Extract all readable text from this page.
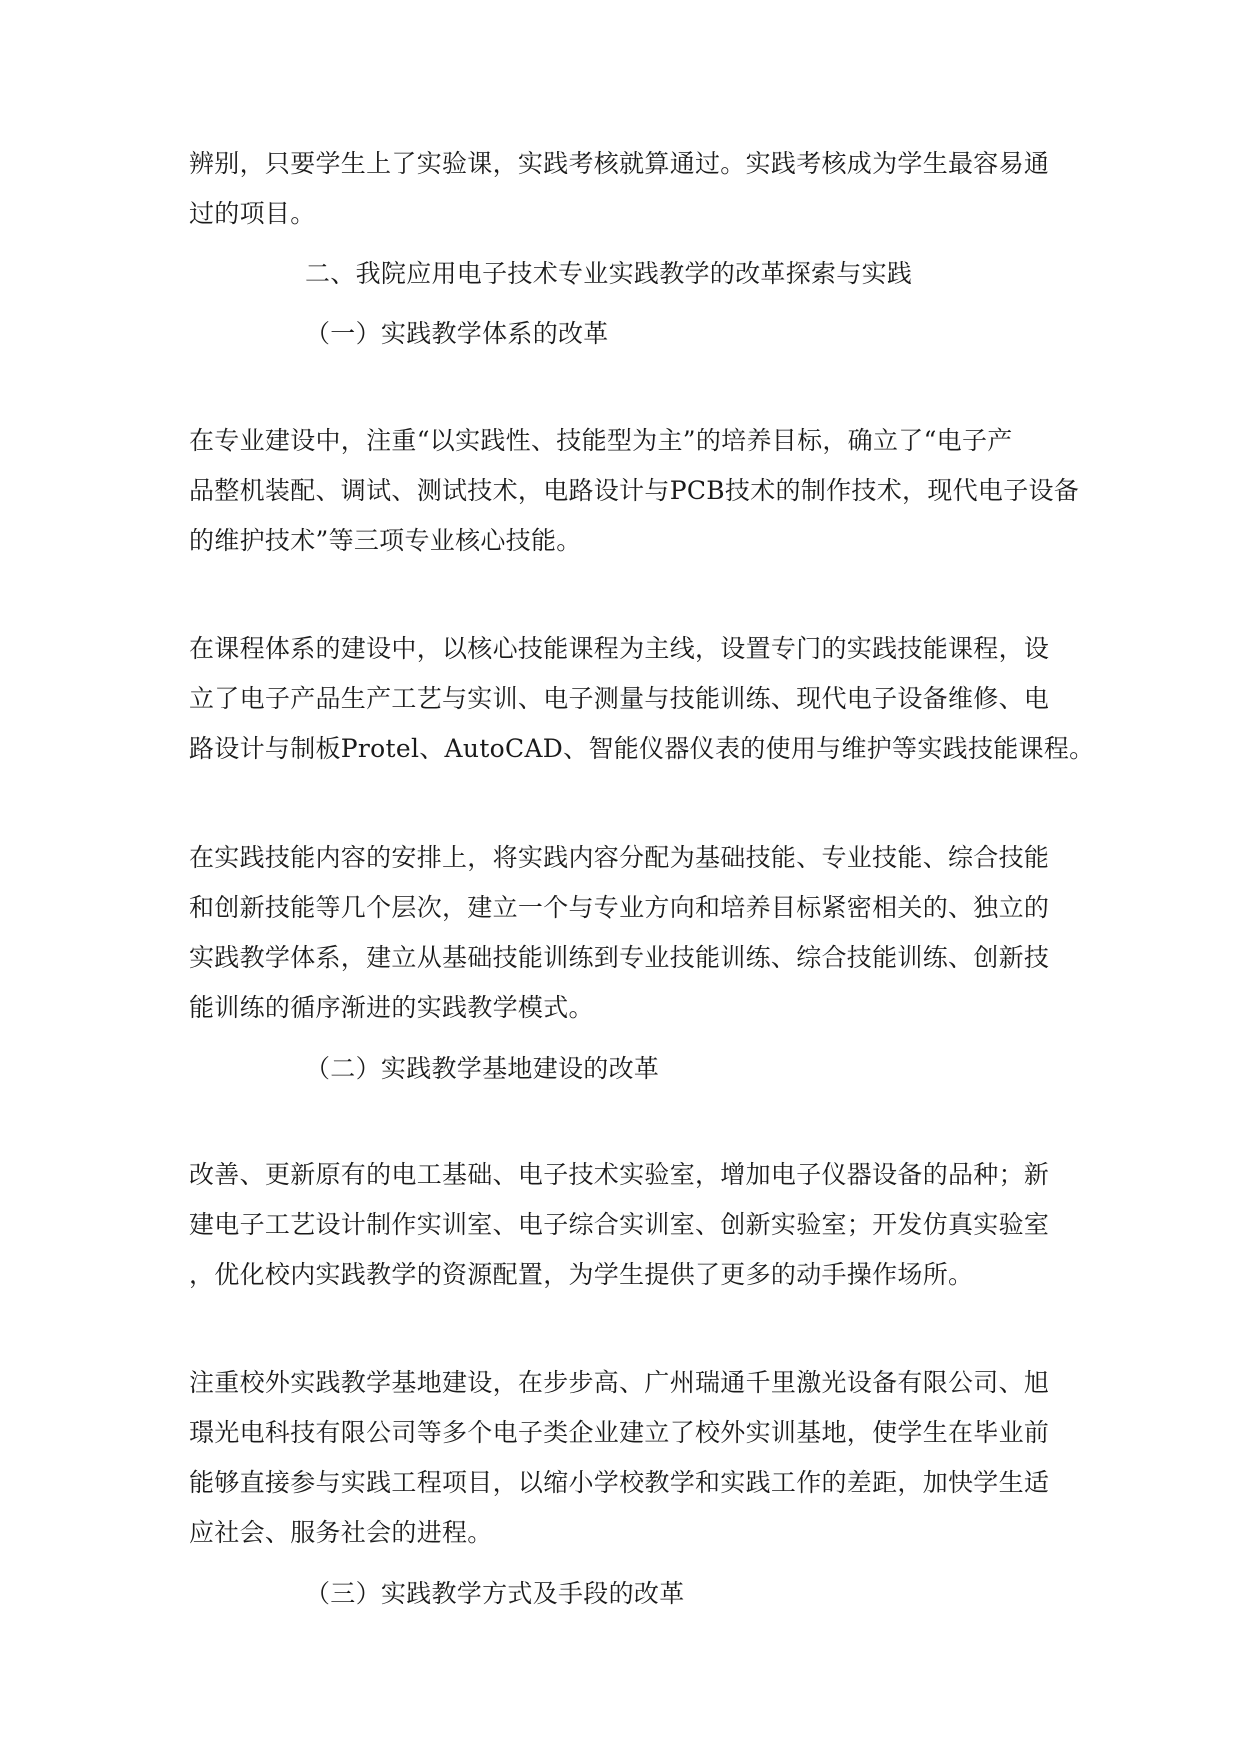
辨别，只要学生上了实验课，实践考核就算通过。实践考核成为学生最容易通
过的项目。
二、我院应用电子技术专业实践教学的改革探索与实践
（一）实践教学体系的改革
在专业建设中，注重“以实践性、技能型为主”的培养目标，确立了“电子产
品整机装配、调试、测试技术，电路设计与PCB技术的制作技术，现代电子设备
的维护技术”等三项专业核心技能。
在课程体系的建设中，以核心技能课程为主线，设置专门的实践技能课程，设
立了电子产品生产工艺与实训、电子测量与技能训练、现代电子设备维修、电
路设计与制板Protel、AutoCAD、智能仪器仪表的使用与维护等实践技能课程。
在实践技能内容的安排上，将实践内容分配为基础技能、专业技能、综合技能
和创新技能等几个层次，建立一个与专业方向和培养目标紧密相关的、独立的
实践教学体系，建立从基础技能训练到专业技能训练、综合技能训练、创新技
能训练的循序渐进的实践教学模式。
（二）实践教学基地建设的改革
改善、更新原有的电工基础、电子技术实验室，增加电子仪器设备的品种；新
建电子工艺设计制作实训室、电子综合实训室、创新实验室；开发仿真实验室
，优化校内实践教学的资源配置，为学生提供了更多的动手操作场所。
注重校外实践教学基地建设，在步步高、广州瑞通千里激光设备有限公司、旭
璟光电科技有限公司等多个电子类企业建立了校外实训基地，使学生在毕业前
能够直接参与实践工程项目，以缩小学校教学和实践工作的差距，加快学生适
应社会、服务社会的进程。
（三）实践教学方式及手段的改革
